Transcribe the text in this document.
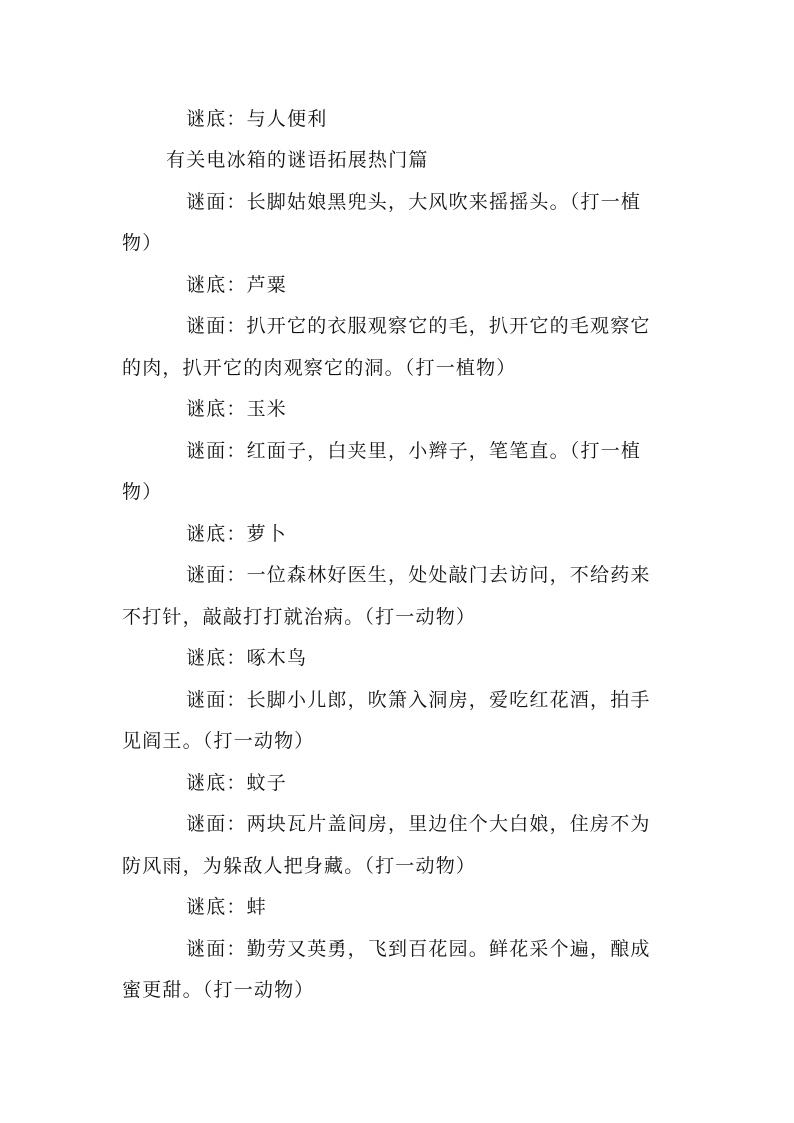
谜底：与人便利
有关电冰箱的谜语拓展热门篇
谜面：长脚姑娘黑兜头，大风吹来摇摇头。（打一植
物）
谜底：芦粟
谜面：扒开它的衣服观察它的毛，扒开它的毛观察它
的肉，扒开它的肉观察它的洞。（打一植物）
谜底：玉米
谜面：红面子，白夹里，小辫子，笔笔直。（打一植
物）
谜底：萝卜
谜面：一位森林好医生，处处敲门去访问，不给药来
不打针，敲敲打打就治病。（打一动物）
谜底：啄木鸟
谜面：长脚小儿郎，吹箫入洞房，爱吃红花酒，拍手
见阎王。（打一动物）
谜底：蚊子
谜面：两块瓦片盖间房，里边住个大白娘，住房不为
防风雨，为躲敌人把身藏。（打一动物）
谜底：蚌
谜面：勤劳又英勇，飞到百花园。鲜花采个遍，酿成
蜜更甜。（打一动物）
